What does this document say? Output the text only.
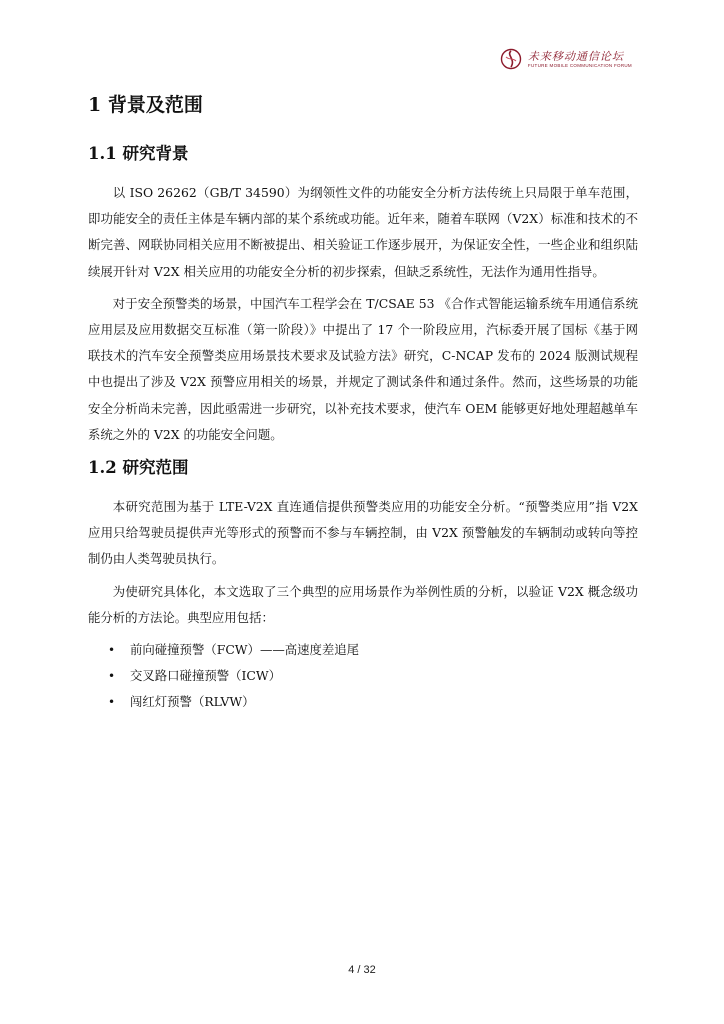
未来移动通信论坛
FUTURE MOBILE COMMUNICATION FORUM
1 背景及范围
1.1 研究背景

以 ISO 26262（GB/T 34590）为纲领性文件的功能安全分析方法传统上只局限于单车范围，即功能安全的责任主体是车辆内部的某个系统或功能。近年来，随着车联网（V2X）标准和技术的不断完善、网联协同相关应用不断被提出、相关验证工作逐步展开，为保证安全性，一些企业和组织陆续展开针对 V2X 相关应用的功能安全分析的初步探索，但缺乏系统性，无法作为通用性指导。

对于安全预警类的场景，中国汽车工程学会在 T/CSAE 53 《合作式智能运输系统车用通信系统应用层及应用数据交互标准（第一阶段）》中提出了 17 个一阶段应用，汽标委开展了国标《基于网联技术的汽车安全预警类应用场景技术要求及试验方法》研究，C-NCAP 发布的 2024 版测试规程中也提出了涉及 V2X 预警应用相关的场景，并规定了测试条件和通过条件。然而，这些场景的功能安全分析尚未完善，因此亟需进一步研究，以补充技术要求，使汽车 OEM 能够更好地处理超越单车系统之外的 V2X 的功能安全问题。

1.2 研究范围

本研究范围为基于 LTE-V2X 直连通信提供预警类应用的功能安全分析。“预警类应用”指 V2X 应用只给驾驶员提供声光等形式的预警而不参与车辆控制，由 V2X 预警触发的车辆制动或转向等控制仍由人类驾驶员执行。

为使研究具体化，本文选取了三个典型的应用场景作为举例性质的分析，以验证 V2X 概念级功能分析的方法论。典型应用包括：

• 前向碰撞预警（FCW）——高速度差追尾
• 交叉路口碰撞预警（ICW）
• 闯红灯预警（RLVW）
4 / 32
